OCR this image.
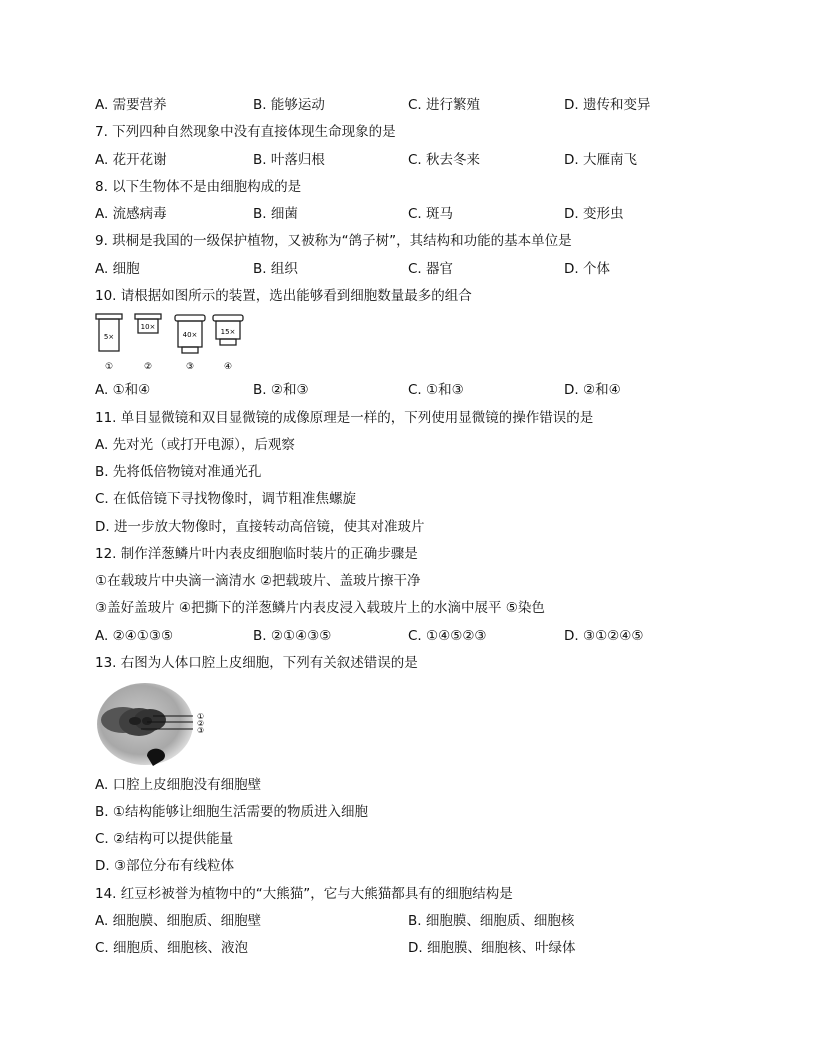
A. 需要营养	B. 能够运动	C. 进行繁殖	D. 遗传和变异
7. 下列四种自然现象中没有直接体现生命现象的是
A. 花开花谢	B. 叶落归根	C. 秋去冬来	D. 大雁南飞
8. 以下生物体不是由细胞构成的是
A. 流感病毒	B. 细菌	C. 斑马	D. 变形虫
9. 珙桐是我国的一级保护植物，又被称为“鸽子树”，其结构和功能的基本单位是
A. 细胞	B. 组织	C. 器官	D. 个体
10. 请根据如图所示的装置，选出能够看到细胞数量最多的组合
5×
①
10×
②
40×
③
15×
④
A. ①和④	B. ②和③	C. ①和③	D. ②和④
11. 单目显微镜和双目显微镜的成像原理是一样的，下列使用显微镜的操作错误的是
A. 先对光（或打开电源），后观察
B. 先将低倍物镜对准通光孔
C. 在低倍镜下寻找物像时，调节粗准焦螺旋
D. 进一步放大物像时，直接转动高倍镜，使其对准玻片
12. 制作洋葱鳞片叶内表皮细胞临时装片的正确步骤是
①在载玻片中央滴一滴清水 ②把载玻片、盖玻片擦干净
③盖好盖玻片 ④把撕下的洋葱鳞片内表皮浸入载玻片上的水滴中展平 ⑤染色
A. ②④①③⑤	B. ②①④③⑤	C. ①④⑤②③	D. ③①②④⑤
13. 右图为人体口腔上皮细胞，下列有关叙述错误的是
①
②
③
A. 口腔上皮细胞没有细胞壁
B. ①结构能够让细胞生活需要的物质进入细胞
C. ②结构可以提供能量
D. ③部位分布有线粒体
14. 红豆杉被誉为植物中的“大熊猫”，它与大熊猫都具有的细胞结构是
A. 细胞膜、细胞质、细胞壁	B. 细胞膜、细胞质、细胞核
C. 细胞质、细胞核、液泡	D. 细胞膜、细胞核、叶绿体
